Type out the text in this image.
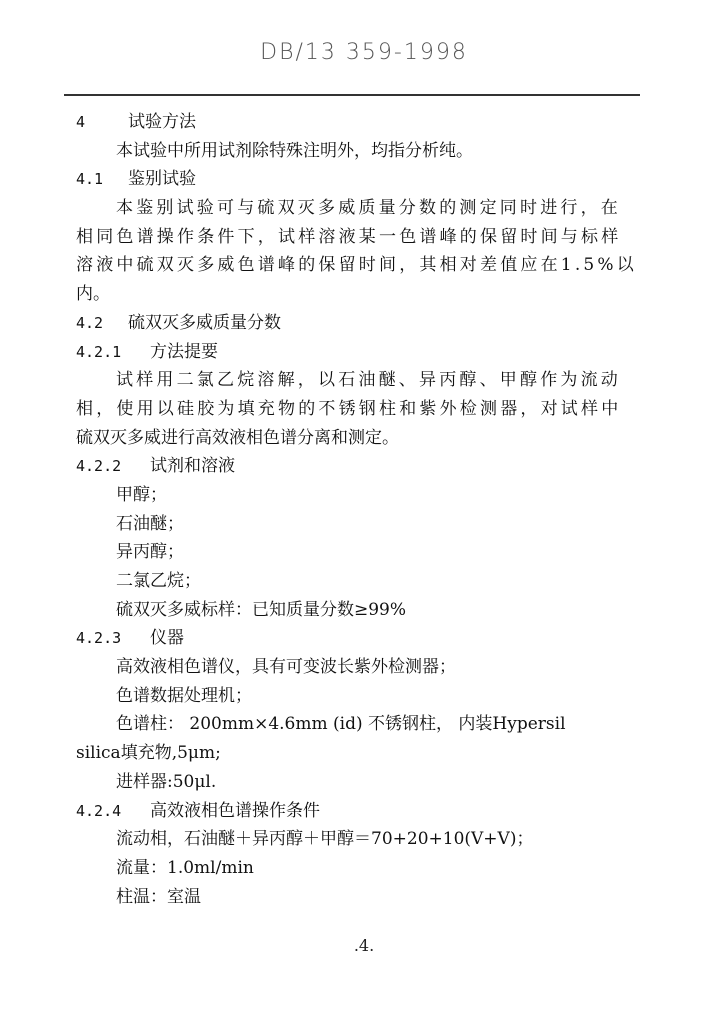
DB/13 359-1998
4	试验方法
本试验中所用试剂除特殊注明外，均指分析纯。
4.1 鉴别试验
本鉴别试验可与硫双灭多威质量分数的测定同时进行，在
相同色谱操作条件下，试样溶液某一色谱峰的保留时间与标样
溶液中硫双灭多威色谱峰的保留时间，其相对差值应在1.5%以
内。
4.2 硫双灭多威质量分数
4.2.1 方法提要
试样用二氯乙烷溶解，以石油醚、异丙醇、甲醇作为流动
相，使用以硅胶为填充物的不锈钢柱和紫外检测器，对试样中
硫双灭多威进行高效液相色谱分离和测定。
4.2.2 试剂和溶液
甲醇；
石油醚；
异丙醇；
二氯乙烷；
硫双灭多威标样：已知质量分数≥99%
4.2.3 仪器
高效液相色谱仪，具有可变波长紫外检测器；
色谱数据处理机；
色谱柱： 200mm×4.6mm (id) 不锈钢柱， 内装Hypersil
silica填充物,5μm;
进样器:50μl.
4.2.4 高效液相色谱操作条件
流动相，石油醚＋异丙醇＋甲醇＝70+20+10(V+V)；
流量：1.0ml/min
柱温：室温
.4.
